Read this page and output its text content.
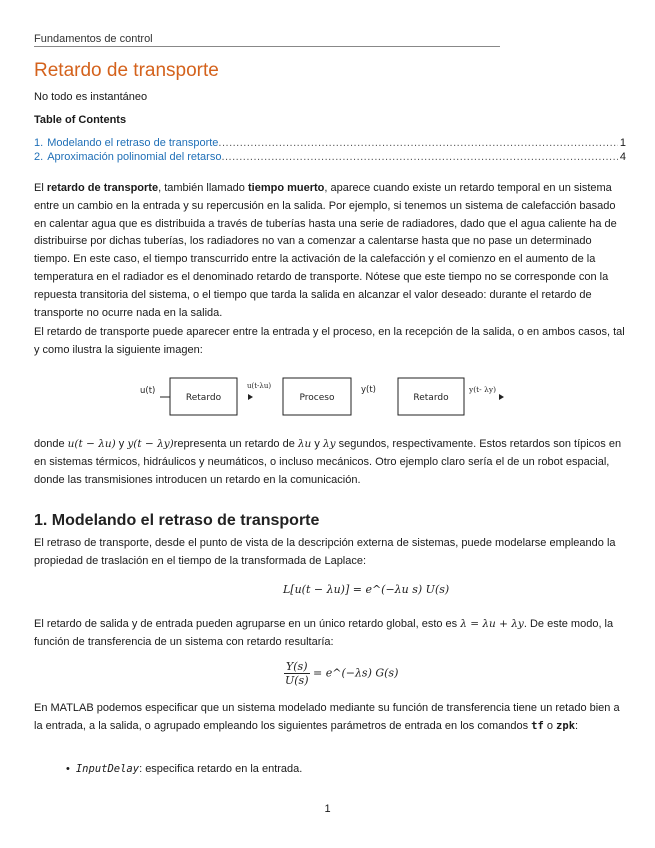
Fundamentos de control
Retardo de transporte
No todo es instantáneo
Table of Contents
1. Modelando el retraso de transporte .....	1
2. Aproximación polinomial del retarso .....	4

El retardo de transporte, también llamado tiempo muerto, aparece cuando existe un retardo temporal en un sistema entre un cambio en la entrada y su repercusión en la salida. Por ejemplo, si tenemos un sistema de calefacción basado en calentar agua que es distribuida a través de tuberías hasta una serie de radiadores, dado que el agua caliente ha de distribuirse por dichas tuberías, los radiadores no van a comenzar a calentarse hasta que no pase un determinado tiempo. En este caso, el tiempo transcurrido entre la activación de la calefacción y el comienzo en el aumento de la temperatura en el radiador es el denominado retardo de transporte. Nótese que este tiempo no se corresponde con la repuesta transitoria del sistema, o el tiempo que tarda la salida en alcanzar el valor deseado: durante el retardo de transporte no ocurre nada en la salida.

El retardo de transporte puede aparecer entre la entrada y el proceso, en la recepción de la salida, o en ambos casos, tal y como ilustra la siguiente imagen:

u(t)
Retardo
u(t-λu)
Proceso
y(t)
Retardo
y(t- λy)

donde u(t − λu) y y(t − λy)representa un retardo de λu y λy segundos, respectivamente. Estos retardos son típicos en en sistemas térmicos, hidráulicos y neumáticos, o incluso mecánicos. Otro ejemplo claro sería el de un robot espacial, donde las transmisiones introducen un retardo en la comunicación.

1. Modelando el retraso de transporte

El retraso de transporte, desde el punto de vista de la descripción externa de sistemas, puede modelarse empleando la propiedad de traslación en el tiempo de la transformada de Laplace:

L[u(t − λu)] = e^(−λu s) U(s)

El retardo de salida y de entrada pueden agruparse en un único retardo global, esto es λ = λu + λy. De este modo, la función de transferencia de un sistema con retardo resultaría:

$\frac{Y(s)}{U(s)}$ = e^(−λs) G(s)

En MATLAB podemos especificar que un sistema modelado mediante su función de transferencia tiene un retado bien a la entrada, a la salida, o agrupado empleando los siguientes parámetros de entrada en los comandos tf o zpk:

• InputDelay : especifica retardo en la entrada.
1
